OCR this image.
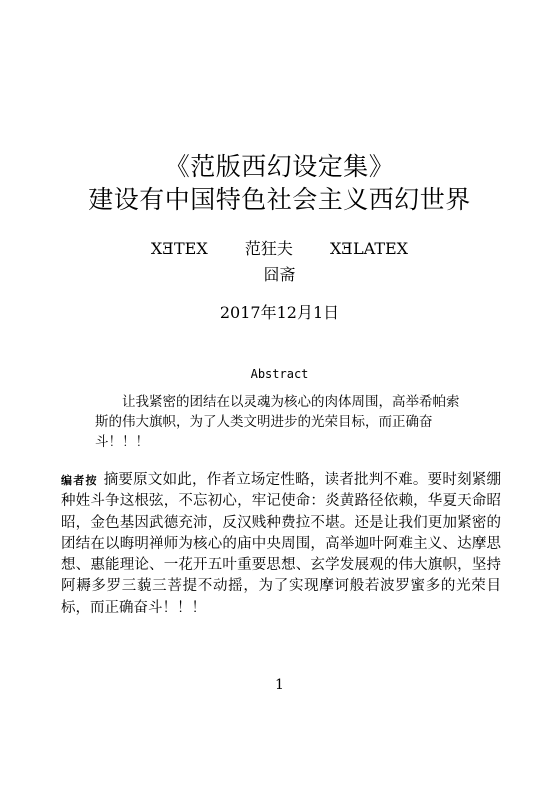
《范版西幻设定集》
建设有中国特色社会主义西幻世界
XƎTEX 范狂夫 XƎLATEX
囧斋
2017年12月1日
Abstract
让我紧密的团结在以灵魂为核心的肉体周围，高举希帕索斯的伟大旗帜，为了人类文明进步的光荣目标，而正确奋斗！！！
编者按 摘要原文如此，作者立场定性略，读者批判不难。要时刻紧绷种姓斗争这根弦，不忘初心，牢记使命：炎黄路径依赖，华夏天命昭昭，金色基因武德充沛，反汉贱种费拉不堪。还是让我们更加紧密的团结在以晦明禅师为核心的庙中央周围，高举迦叶阿难主义、达摩思想、惠能理论、一花开五叶重要思想、玄学发展观的伟大旗帜，坚持阿耨多罗三藐三菩提不动摇，为了实现摩诃般若波罗蜜多的光荣目标，而正确奋斗！！！
1
